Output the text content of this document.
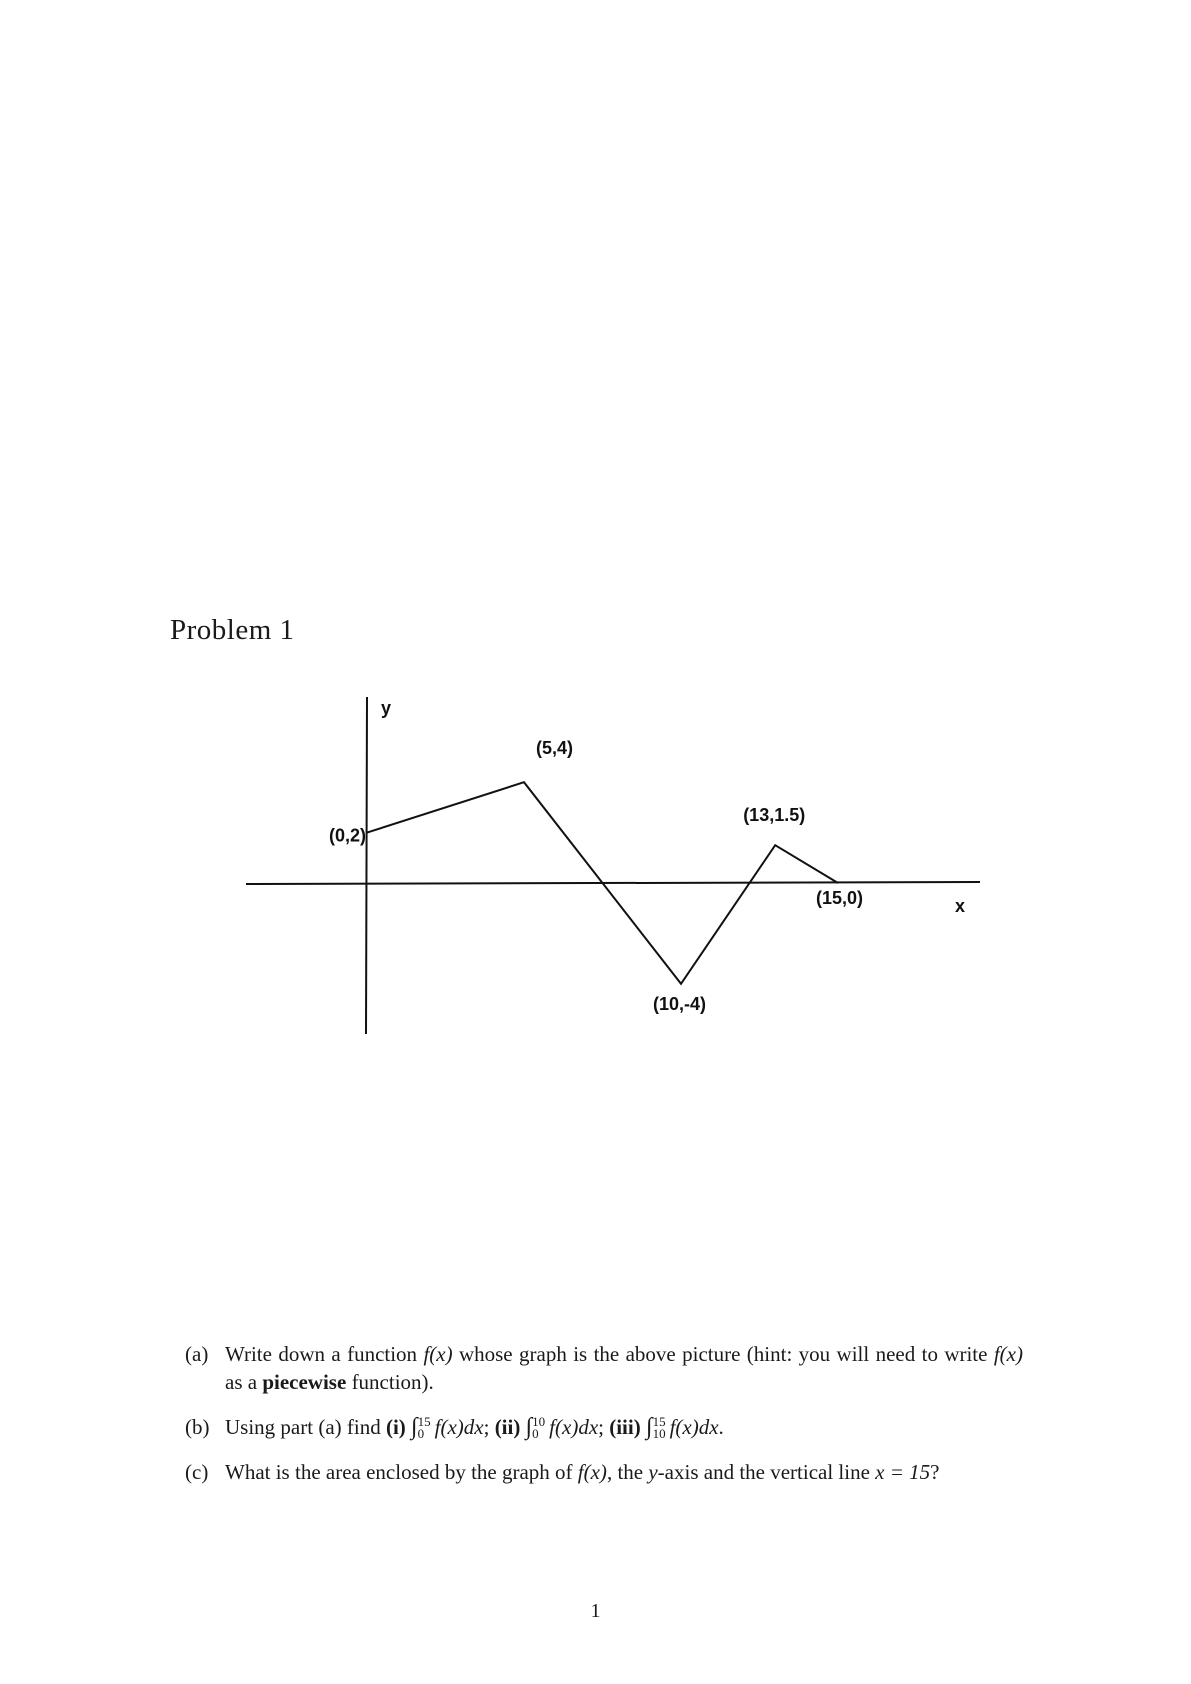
Problem 1
y
x
(0,2)
(5,4)
(10,-4)
(13,1.5)
(15,0)
(a) Write down a function f(x) whose graph is the above picture (hint: you will need to write f(x) as a piecewise function).
(b) Using part (a) find (i) ∫ 15
0 f(x)dx; (ii) ∫ 10
0 f(x)dx; (iii) ∫ 15
10 f(x)dx.
(c) What is the area enclosed by the graph of f(x), the y-axis and the vertical line x = 15?
1
